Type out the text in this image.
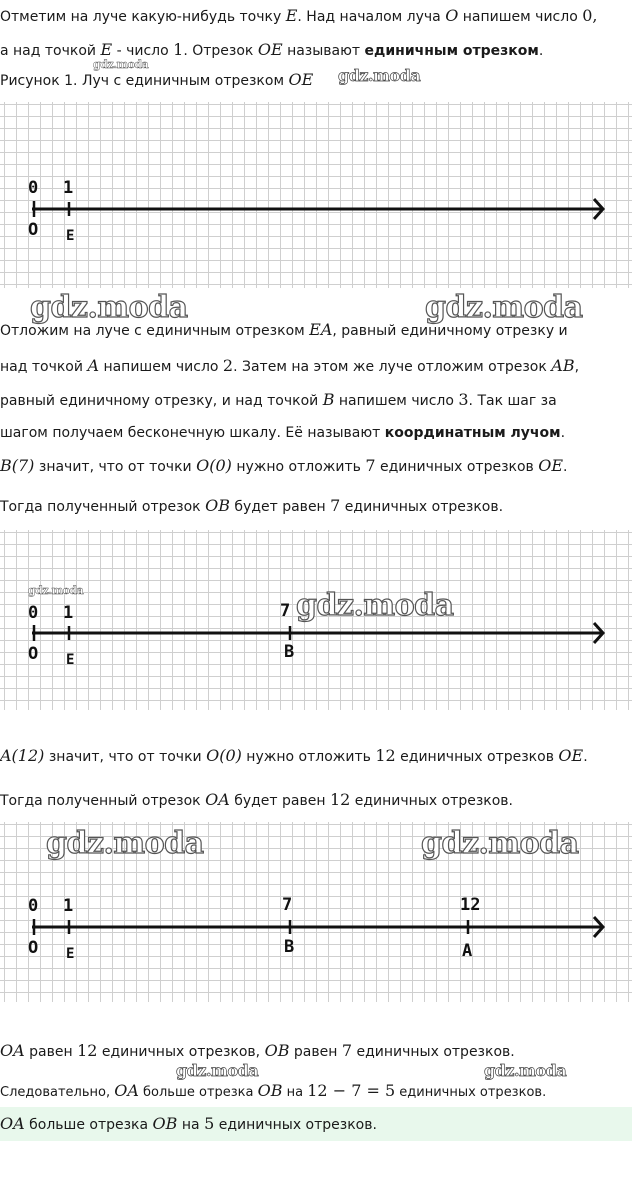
Отметим на луче какую-нибудь точку E. Над началом луча O напишем число 0,
а над точкой E - число 1. Отрезок OE называют единичным отрезком.
gdz.moda
Рисунок 1. Луч с единичным отрезком OE gdz.moda
0 1
О E
gdz.moda	gdz.moda
Отложим на луче с единичным отрезком EA, равный единичному отрезку и
над точкой A напишем число 2. Затем на этом же луче отложим отрезок AB,
равный единичному отрезку, и над точкой B напишем число 3. Так шаг за
шагом получаем бесконечную шкалу. Её называют координатным лучом.
B(7) значит, что от точки O(0) нужно отложить 7 единичных отрезков OE.
Тогда полученный отрезок OB будет равен 7 единичных отрезков.
0 1	7
О E	B
gdz.moda	gdz.moda
A(12) значит, что от точки O(0) нужно отложить 12 единичных отрезков OE.
Тогда полученный отрезок OA будет равен 12 единичных отрезков.
0 1	7	12
О E	B	A
gdz.moda	gdz.moda
OA равен 12 единичных отрезков, OB равен 7 единичных отрезков.
gdz.moda	gdz.moda
Следовательно, OA больше отрезка OB на 12 − 7 = 5 единичных отрезков.
OA больше отрезка OB на 5 единичных отрезков.
